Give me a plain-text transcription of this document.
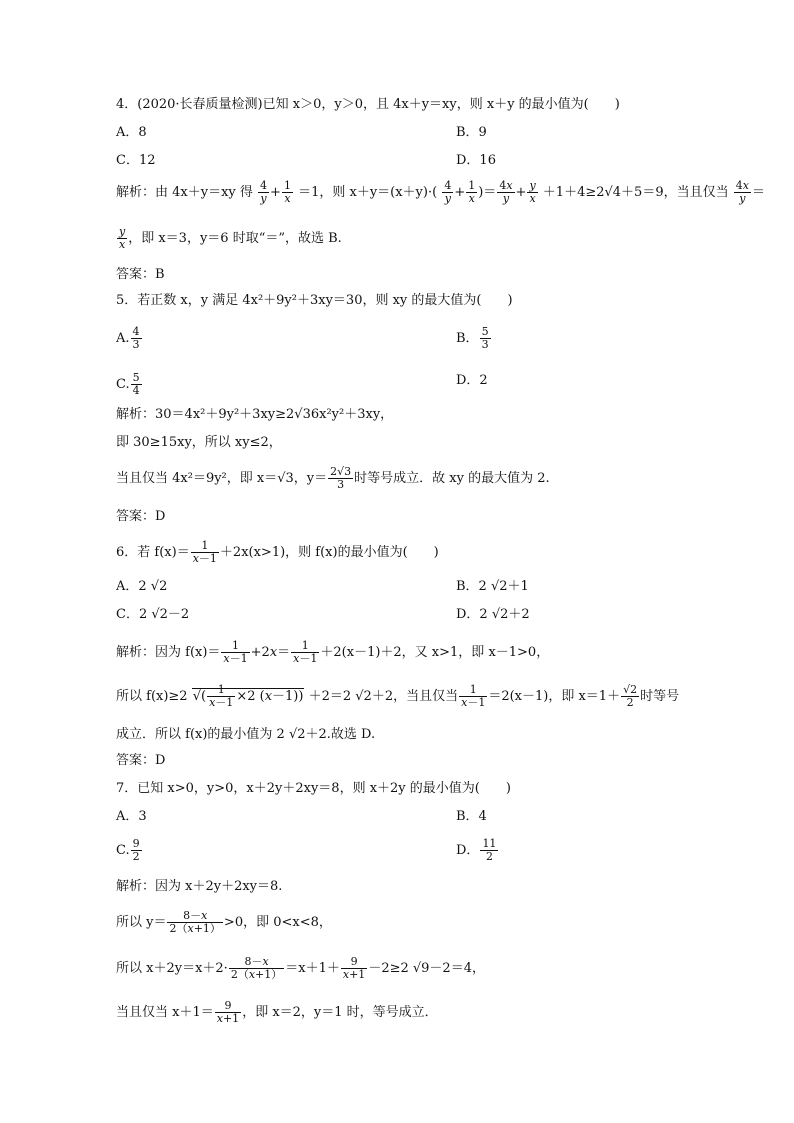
4．(2020·长春质量检测)已知 x＞0，y＞0，且 4x＋y＝xy，则 x＋y 的最小值为(　　)
A．8	B．9
C．12	D．16
解析：由 4x＋y＝xy 得 $\frac{4}{y} + \frac{1}{x} =1$，则 $x+y=(x+y)\cdot( \frac{4}{y} + \frac{1}{x}$ )＝ $\frac{4x}{y} + \frac{y}{x} +1+4\ge 2√4+5=9$，当且仅当 $\frac{4x}{y}$ ＝
$\frac{y}{x}$ ，即 x＝3，y＝6 时取“＝”，故选 B.
答案：B
5．若正数 x，y 满足 4x²＋9y²＋3xy＝30，则 xy 的最大值为(　　)
A. $\frac{4}{3}$	B． $\frac{5}{3}$
C. $\frac{5}{4}$	D．2
解析：30＝4x²＋9y²＋3xy≥2√36x²y²＋3xy，
即 30≥15xy，所以 xy≤2，
当且仅当 4x²＝9y²，即 x＝√3，$y= \frac{2√3}{3}$ 时等号成立．故 xy 的最大值为 2.
答案：D
6．若 $f(x)= \frac{1}{x-1} +2x(x>1)$，则 f(x)的最小值为(　　)
A．2 √2	B．2 √2＋1
C．2 √2－2	D．2 √2＋2
解析：因为 $f(x)= \frac{1}{x-1} +2x= \frac{1}{x-1} +2(x-1)+2$，又 x>1，即 x－1>0，
所以 f(x)≥2 √( $\frac{1}{x-1} \times 2$ (x－1)) ＋2＝2 √2＋2，当且仅当 $\frac{1}{x-1} =2(x-1)$，即 $x=1+ \frac{√2}{2}$ 时等号
成立．所以 f(x)的最小值为 2 √2＋2.故选 D.
答案：D
7．已知 x>0，y>0，x＋2y＋2xy＝8，则 x＋2y 的最小值为(　　)
A．3	B．4
C. $\frac{9}{2}$	D． $\frac{11}{2}$
解析：因为 x＋2y＋2xy＝8.
所以 $y= \frac{8-x}{2(x+1)} >0$，即 0<x<8，
所以 $x+2y=x+2\cdot \frac{8-x}{2(x+1)} =x+1+ \frac{9}{x+1} -2\ge 2$ √9－2＝4，
当且仅当 $x+1= \frac{9}{x+1}$ ，即 x＝2，y＝1 时，等号成立．
